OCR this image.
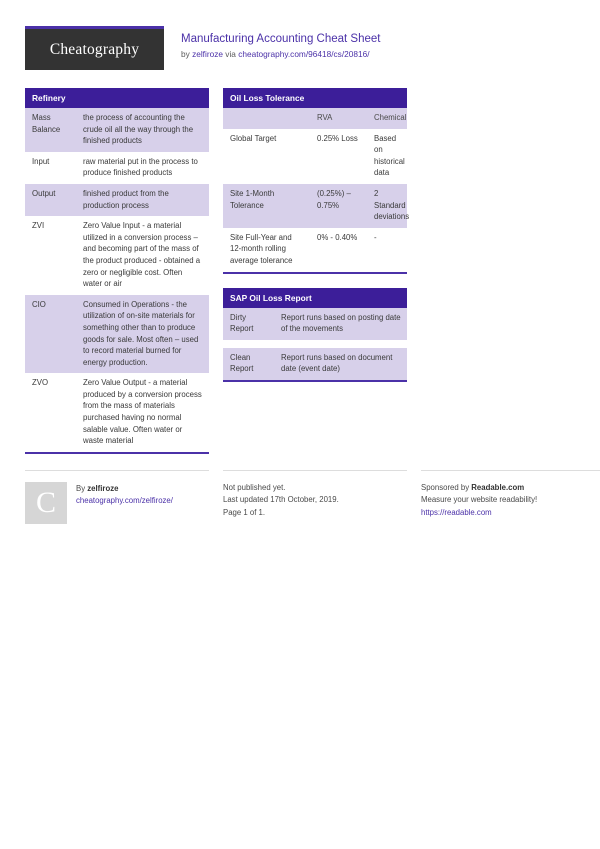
Cheatography
Manufacturing Accounting Cheat Sheet
by zelfiroze via cheatography.com/96418/cs/20816/
Refinery
Mass Balance	the process of accounting the crude oil all the way through the finished products
Input	raw material put in the process to produce finished products
Output	finished product from the production process
ZVI	Zero Value Input - a material utilized in a conversion process – and becoming part of the mass of the product produced - obtained a zero or negligible cost. Often water or air
CIO	Consumed in Operations - the utilization of on-site materials for something other than to produce goods for sale. Most often – used to record material burned for energy production.
ZVO	Zero Value Output - a material produced by a conversion process from the mass of materials purchased having no normal salable value. Often water or waste material
Oil Loss Tolerance
	RVA	Chemical
Global Target	0.25% Loss	Based on historical data
Site 1-Month Tolerance	(0.25%) – 0.75%	2 Standard deviations
Site Full-Year and 12-month rolling average tolerance	0% - 0.40%	-
SAP Oil Loss Report
Dirty Report	Report runs based on posting date of the movements

Clean Report	Report runs based on document date (event date)
C	By zelfiroze
cheatography.com/zelfiroze/
Not published yet.
Last updated 17th October, 2019.
Page 1 of 1.
Sponsored by Readable.com
Measure your website readability!
https://readable.com
